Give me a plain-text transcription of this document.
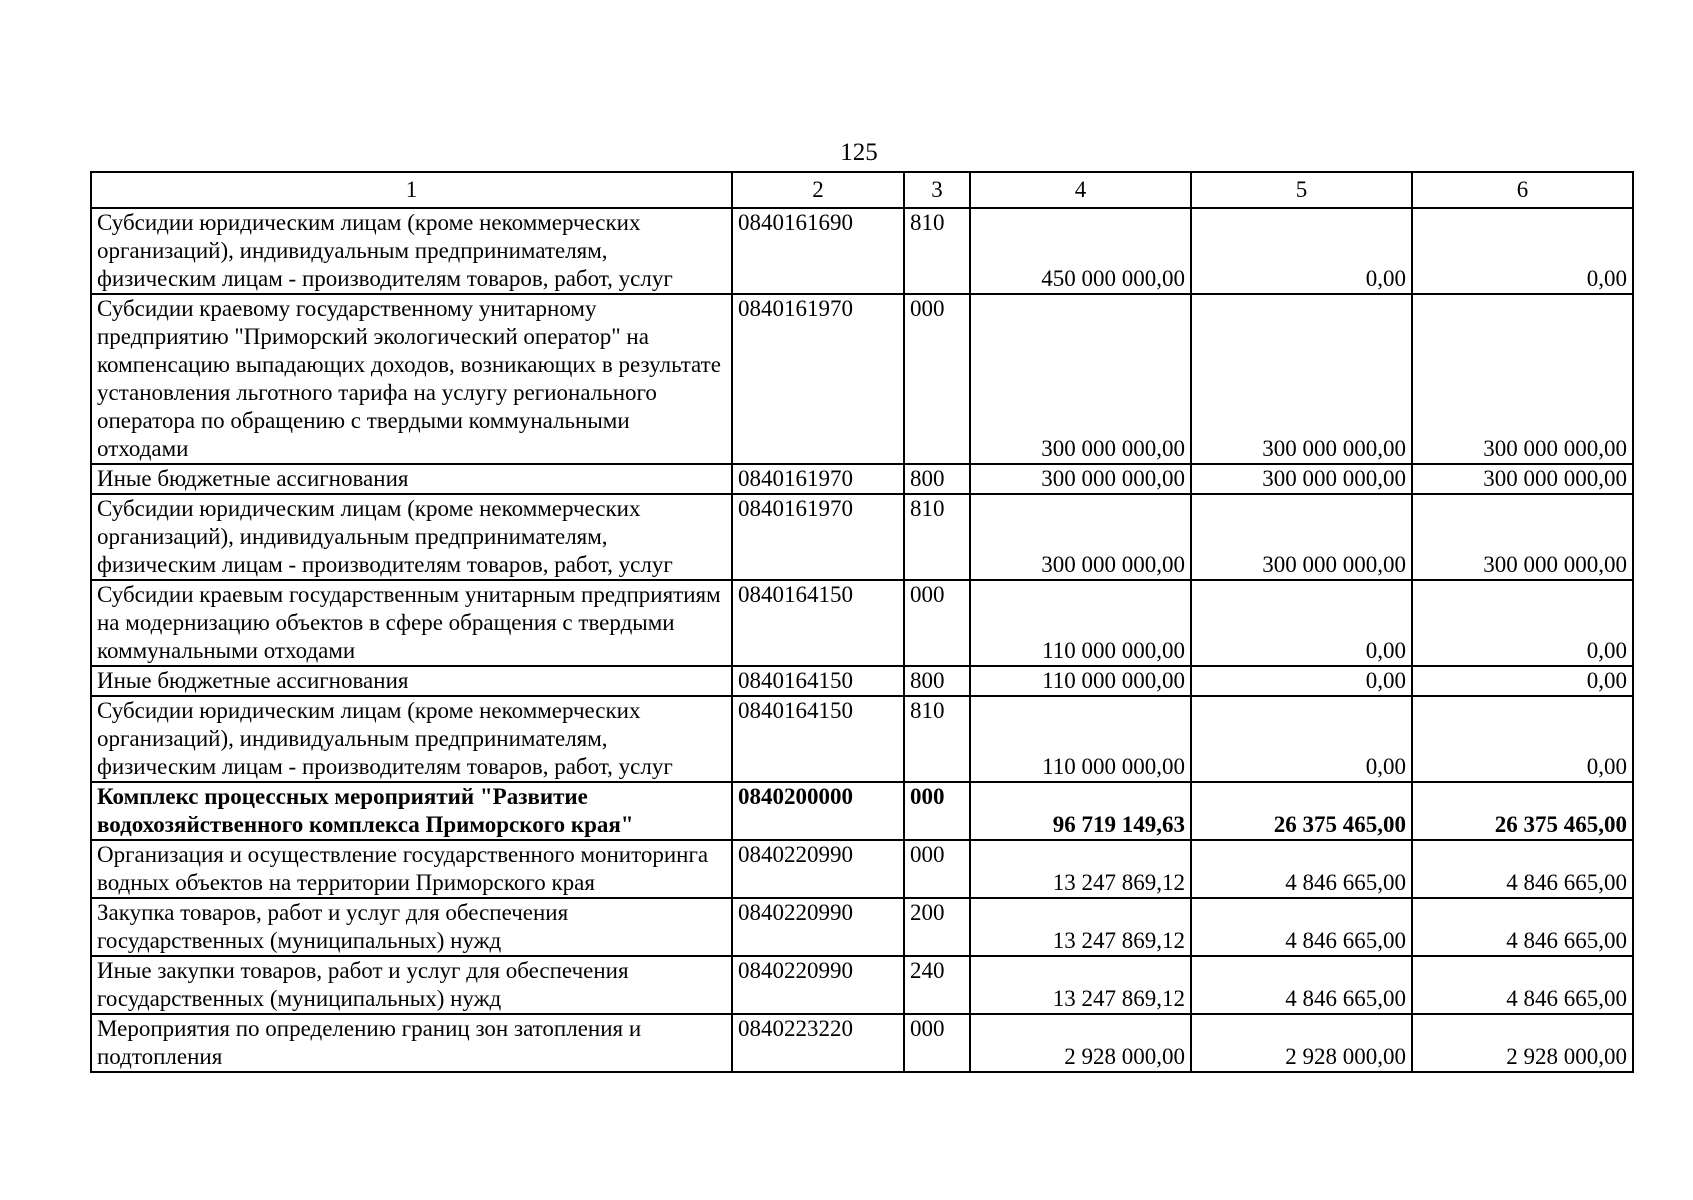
125
1	2	3	4	5	6
Субсидии юридическим лицам (кроме некоммерческих организаций), индивидуальным предпринимателям, физическим лицам - производителям товаров, работ, услуг	0840161690	810	450 000 000,00	0,00	0,00
Субсидии краевому государственному унитарному предприятию "Приморский экологический оператор" на компенсацию выпадающих доходов, возникающих в результате установления льготного тарифа на услугу регионального оператора по обращению с твердыми коммунальными отходами	0840161970	000	300 000 000,00	300 000 000,00	300 000 000,00
Иные бюджетные ассигнования	0840161970	800	300 000 000,00	300 000 000,00	300 000 000,00
Субсидии юридическим лицам (кроме некоммерческих организаций), индивидуальным предпринимателям, физическим лицам - производителям товаров, работ, услуг	0840161970	810	300 000 000,00	300 000 000,00	300 000 000,00
Субсидии краевым государственным унитарным предприятиям на модернизацию объектов в сфере обращения с твердыми коммунальными отходами	0840164150	000	110 000 000,00	0,00	0,00
Иные бюджетные ассигнования	0840164150	800	110 000 000,00	0,00	0,00
Субсидии юридическим лицам (кроме некоммерческих организаций), индивидуальным предпринимателям, физическим лицам - производителям товаров, работ, услуг	0840164150	810	110 000 000,00	0,00	0,00
Комплекс процессных мероприятий "Развитие водохозяйственного комплекса Приморского края"	0840200000	000	96 719 149,63	26 375 465,00	26 375 465,00
Организация и осуществление государственного мониторинга водных объектов на территории Приморского края	0840220990	000	13 247 869,12	4 846 665,00	4 846 665,00
Закупка товаров, работ и услуг для обеспечения государственных (муниципальных) нужд	0840220990	200	13 247 869,12	4 846 665,00	4 846 665,00
Иные закупки товаров, работ и услуг для обеспечения государственных (муниципальных) нужд	0840220990	240	13 247 869,12	4 846 665,00	4 846 665,00
Мероприятия по определению границ зон затопления и подтопления	0840223220	000	2 928 000,00	2 928 000,00	2 928 000,00
